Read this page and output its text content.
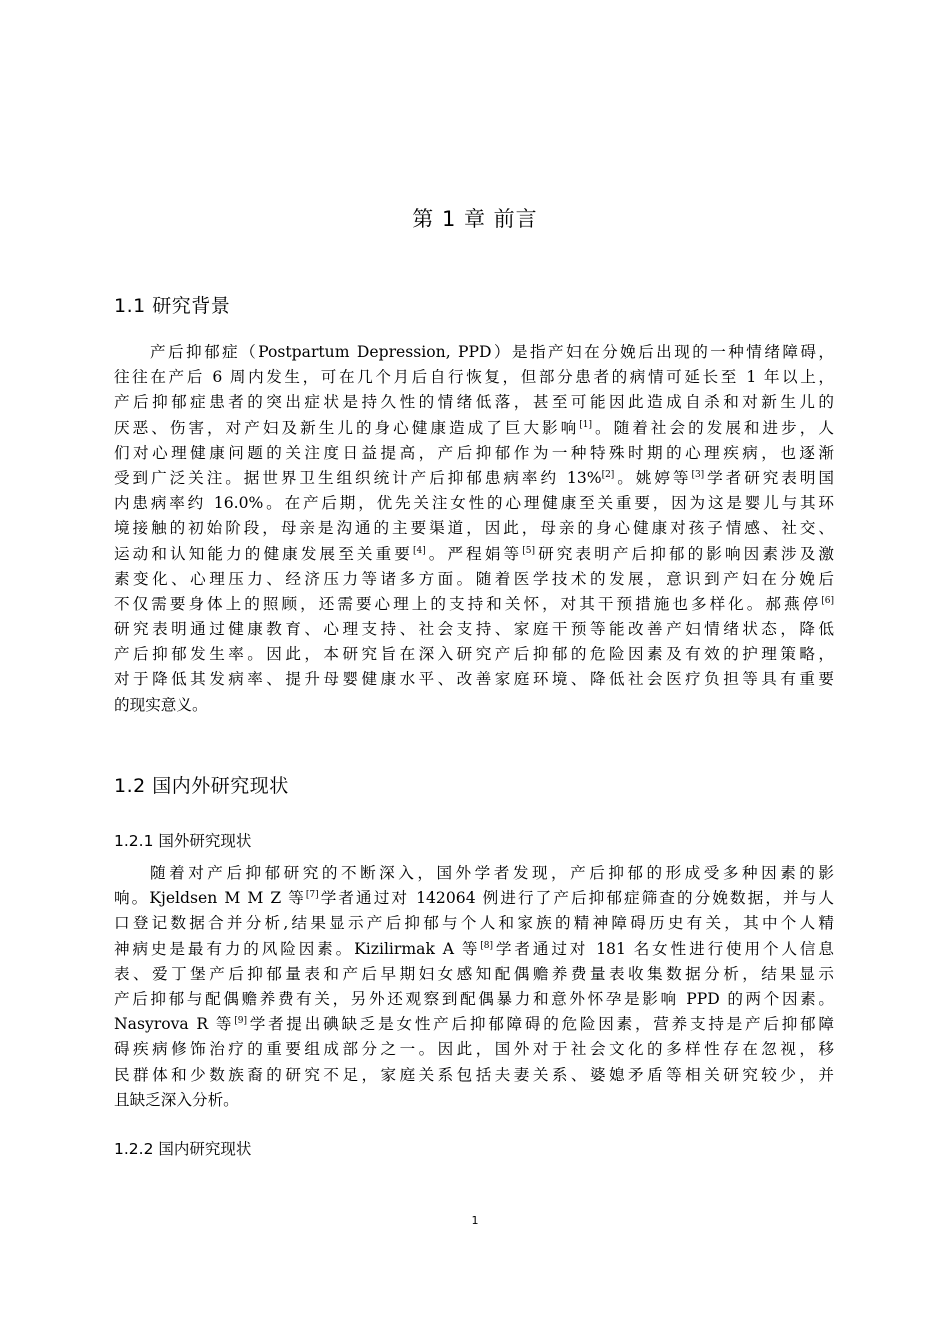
第 1 章 前言
1.1 研究背景
产后抑郁症（Postpartum Depression, PPD）是指产妇在分娩后出现的一种情绪障碍，
往往在产后 6 周内发生，可在几个月后自行恢复，但部分患者的病情可延长至 1 年以上，
产后抑郁症患者的突出症状是持久性的情绪低落，甚至可能因此造成自杀和对新生儿的
厌恶、伤害，对产妇及新生儿的身心健康造成了巨大影响[1]。随着社会的发展和进步，人
们对心理健康问题的关注度日益提高，产后抑郁作为一种特殊时期的心理疾病，也逐渐
受到广泛关注。据世界卫生组织统计产后抑郁患病率约 13%[2]。姚婷等[3]学者研究表明国
内患病率约 16.0%。在产后期，优先关注女性的心理健康至关重要，因为这是婴儿与其环
境接触的初始阶段，母亲是沟通的主要渠道，因此，母亲的身心健康对孩子情感、社交、
运动和认知能力的健康发展至关重要[4]。严程娟等[5]研究表明产后抑郁的影响因素涉及激
素变化、心理压力、经济压力等诸多方面。随着医学技术的发展，意识到产妇在分娩后
不仅需要身体上的照顾，还需要心理上的支持和关怀，对其干预措施也多样化。郝燕停[6]
研究表明通过健康教育、心理支持、社会支持、家庭干预等能改善产妇情绪状态，降低
产后抑郁发生率。因此，本研究旨在深入研究产后抑郁的危险因素及有效的护理策略，
对于降低其发病率、提升母婴健康水平、改善家庭环境、降低社会医疗负担等具有重要
的现实意义。
1.2 国内外研究现状
1.2.1 国外研究现状
随着对产后抑郁研究的不断深入，国外学者发现，产后抑郁的形成受多种因素的影
响。Kjeldsen M M Z 等[7]学者通过对 142064 例进行了产后抑郁症筛查的分娩数据，并与人
口登记数据合并分析,结果显示产后抑郁与个人和家族的精神障碍历史有关，其中个人精
神病史是最有力的风险因素。Kizilirmak A 等[8]学者通过对 181 名女性进行使用个人信息
表、爱丁堡产后抑郁量表和产后早期妇女感知配偶赡养费量表收集数据分析，结果显示
产后抑郁与配偶赡养费有关，另外还观察到配偶暴力和意外怀孕是影响 PPD 的两个因素。
Nasyrova R 等[9]学者提出碘缺乏是女性产后抑郁障碍的危险因素，营养支持是产后抑郁障
碍疾病修饰治疗的重要组成部分之一。因此，国外对于社会文化的多样性存在忽视，移
民群体和少数族裔的研究不足，家庭关系包括夫妻关系、婆媳矛盾等相关研究较少，并
且缺乏深入分析。
1.2.2 国内研究现状
1
